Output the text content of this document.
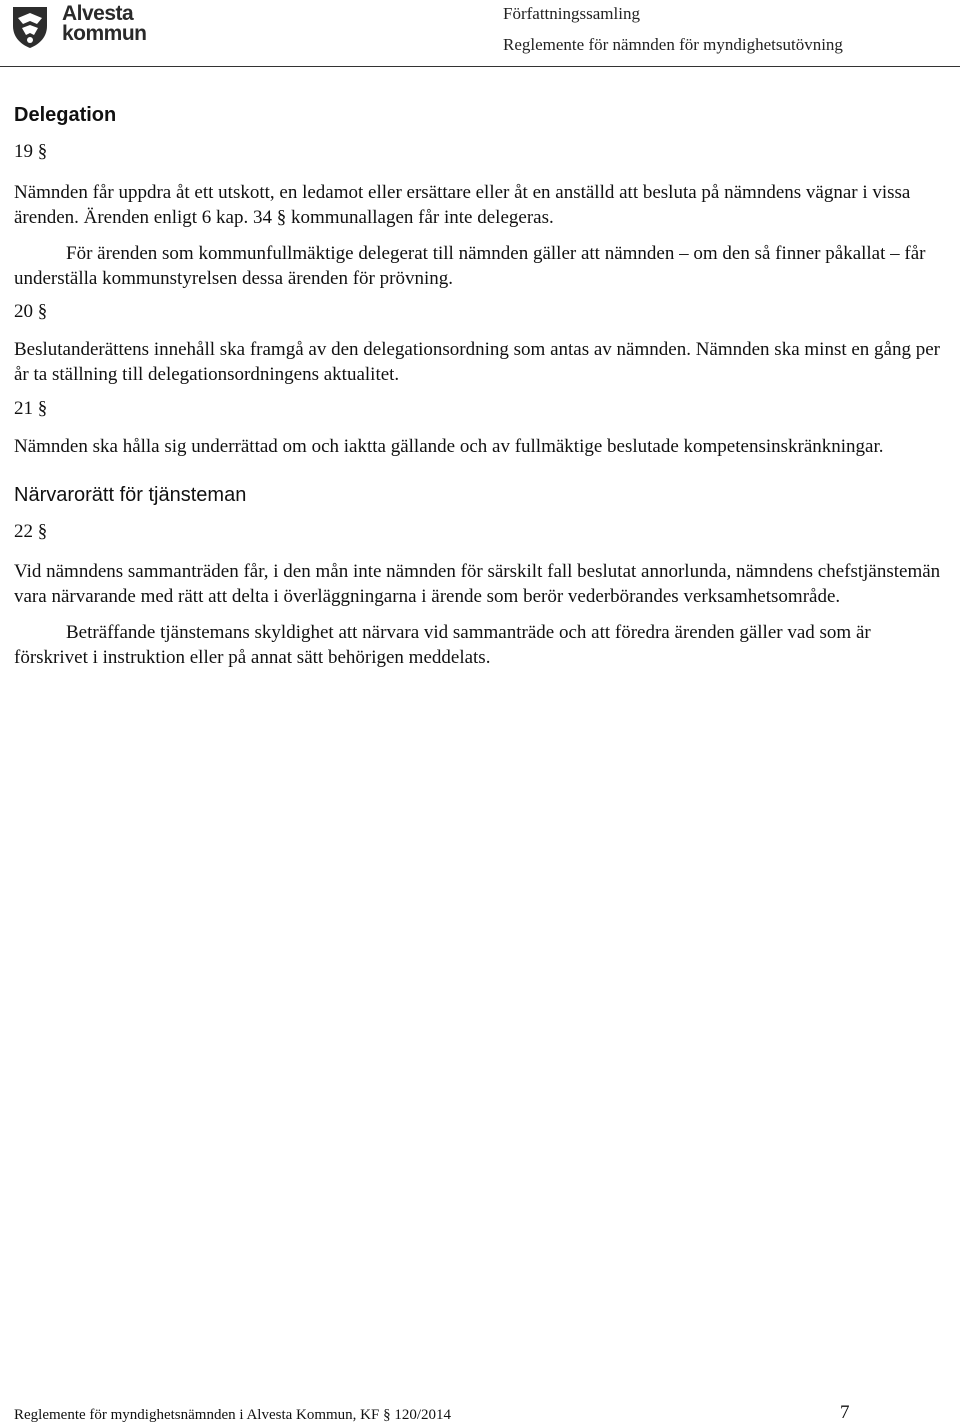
Alvesta
kommun
Författningssamling
Reglemente för nämnden för myndighetsutövning
Delegation
19 §

Nämnden får uppdra åt ett utskott, en ledamot eller ersättare eller åt en anställd att besluta på nämndens vägnar i vissa ärenden. Ärenden enligt 6 kap. 34 § kommunallagen får inte delegeras.

För ärenden som kommunfullmäktige delegerat till nämnden gäller att nämnden – om den så finner påkallat – får underställa kommunstyrelsen dessa ärenden för prövning.

20 §

Beslutanderättens innehåll ska framgå av den delegationsordning som antas av nämnden. Nämnden ska minst en gång per år ta ställning till delegationsordningens aktualitet.

21 §

Nämnden ska hålla sig underrättad om och iaktta gällande och av fullmäktige beslutade kompetensinskränkningar.

Närvarorätt för tjänsteman
22 §

Vid nämndens sammanträden får, i den mån inte nämnden för särskilt fall beslutat annorlunda, nämndens chefstjänstemän vara närvarande med rätt att delta i överläggningarna i ärende som berör vederbörandes verksamhetsområde.

Beträffande tjänstemans skyldighet att närvara vid sammanträde och att föredra ärenden gäller vad som är förskrivet i instruktion eller på annat sätt behörigen meddelats.

Reglemente för myndighetsnämnden i Alvesta Kommun, KF § 120/2014	7
